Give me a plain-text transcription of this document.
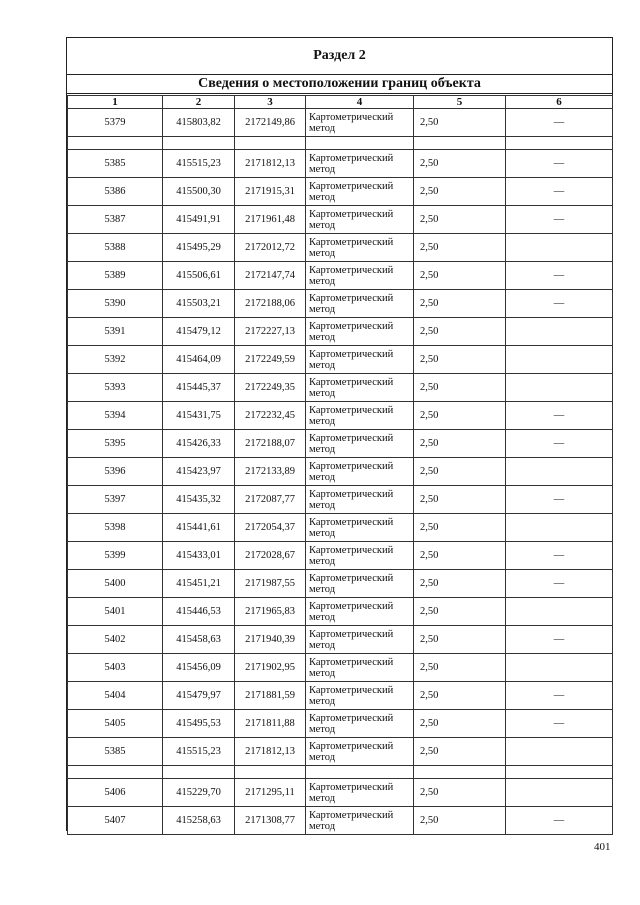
Раздел 2
Сведения о местоположении границ объекта
1	2	3	4	5	6
5379	415803,82	2172149,86	Картометрический метод	2,50	—

5385	415515,23	2171812,13	Картометрический метод	2,50	—
5386	415500,30	2171915,31	Картометрический метод	2,50	—
5387	415491,91	2171961,48	Картометрический метод	2,50	—
5388	415495,29	2172012,72	Картометрический метод	2,50	
5389	415506,61	2172147,74	Картометрический метод	2,50	—
5390	415503,21	2172188,06	Картометрический метод	2,50	—
5391	415479,12	2172227,13	Картометрический метод	2,50	
5392	415464,09	2172249,59	Картометрический метод	2,50	
5393	415445,37	2172249,35	Картометрический метод	2,50	
5394	415431,75	2172232,45	Картометрический метод	2,50	—
5395	415426,33	2172188,07	Картометрический метод	2,50	—
5396	415423,97	2172133,89	Картометрический метод	2,50	
5397	415435,32	2172087,77	Картометрический метод	2,50	—
5398	415441,61	2172054,37	Картометрический метод	2,50	
5399	415433,01	2172028,67	Картометрический метод	2,50	—
5400	415451,21	2171987,55	Картометрический метод	2,50	—
5401	415446,53	2171965,83	Картометрический метод	2,50	
5402	415458,63	2171940,39	Картометрический метод	2,50	—
5403	415456,09	2171902,95	Картометрический метод	2,50	
5404	415479,97	2171881,59	Картометрический метод	2,50	—
5405	415495,53	2171811,88	Картометрический метод	2,50	—
5385	415515,23	2171812,13	Картометрический метод	2,50	

5406	415229,70	2171295,11	Картометрический метод	2,50	
5407	415258,63	2171308,77	Картометрический метод	2,50	—
401
